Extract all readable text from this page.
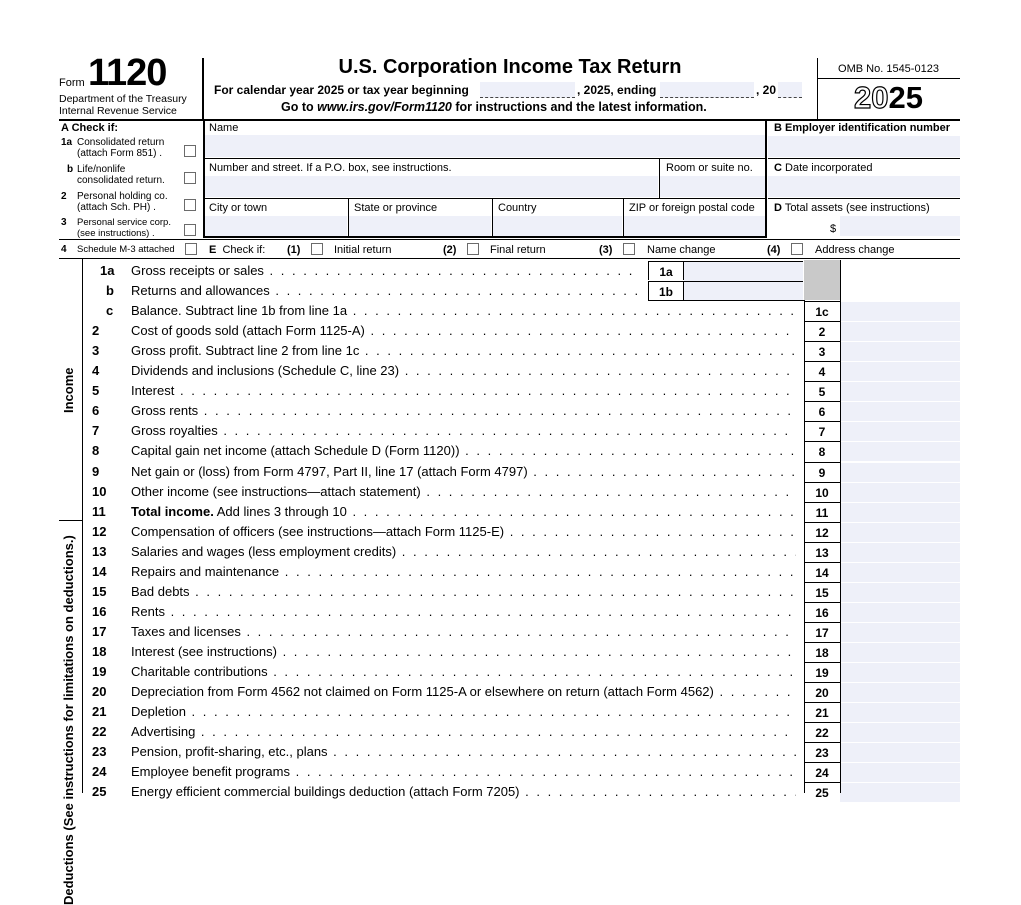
Form 1120
Department of the Treasury
Internal Revenue Service
U.S. Corporation Income Tax Return
For calendar year 2025 or tax year beginning	, 2025, ending	, 20
Go to www.irs.gov/Form1120 for instructions and the latest information.
OMB No. 1545-0123
2025
A Check if:
1a Consolidated return
(attach Form 851) .
b Life/nonlife
consolidated return.
2 Personal holding co.
(attach Sch. PH) .
3 Personal service corp.
(see instructions) .
4 Schedule M-3 attached
Name
Number and street. If a P.O. box, see instructions.	Room or suite no.
City or town	State or province	Country	ZIP or foreign postal code
B Employer identification number
C Date incorporated
D Total assets (see instructions)
$
E  Check if: (1)	Initial return	(2)	Final return	(3)	Name change	(4)	Address change
Income
Deductions (See instructions for limitations on deductions.)
1a	Gross receipts or sales . .	1a
b	Returns and allowances . .	1b
c	Balance. Subtract line 1b from line 1a . .	1c
2	Cost of goods sold (attach Form 1125-A) . .	2
3	Gross profit. Subtract line 2 from line 1c . .	3
4	Dividends and inclusions (Schedule C, line 23) . .	4
5	Interest . .	5
6	Gross rents . .	6
7	Gross royalties . .	7
8	Capital gain net income (attach Schedule D (Form 1120)) . .	8
9	Net gain or (loss) from Form 4797, Part II, line 17 (attach Form 4797) . .	9
10	Other income (see instructions—attach statement) . .	10
11	Total income. Add lines 3 through 10 . .	11
12	Compensation of officers (see instructions—attach Form 1125-E) . .	12
13	Salaries and wages (less employment credits) . .	13
14	Repairs and maintenance . .	14
15	Bad debts . .	15
16	Rents . .	16
17	Taxes and licenses . .	17
18	Interest (see instructions) . .	18
19	Charitable contributions . .	19
20	Depreciation from Form 4562 not claimed on Form 1125-A or elsewhere on return (attach Form 4562) . .	20
21	Depletion . .	21
22	Advertising . .	22
23	Pension, profit-sharing, etc., plans . .	23
24	Employee benefit programs . .	24
25	Energy efficient commercial buildings deduction (attach Form 7205) . .	25
